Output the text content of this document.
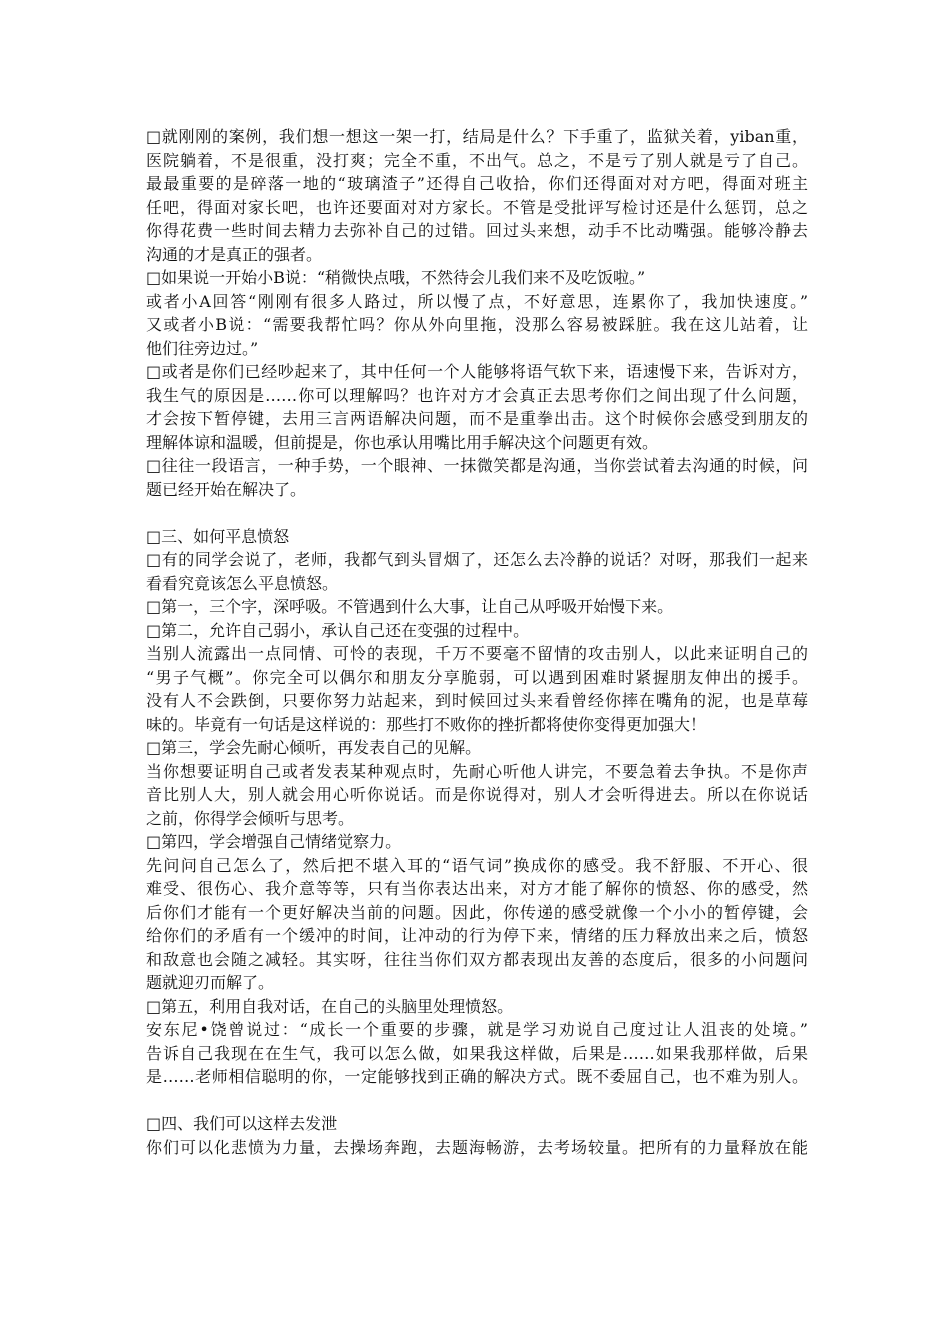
□就刚刚的案例，我们想一想这一架一打，结局是什么？下手重了，监狱关着，yiban重，
医院躺着，不是很重，没打爽；完全不重，不出气。总之，不是亏了别人就是亏了自己。
最最重要的是碎落一地的“玻璃渣子”还得自己收拾，你们还得面对对方吧，得面对班主
任吧，得面对家长吧，也许还要面对对方家长。不管是受批评写检讨还是什么惩罚，总之
你得花费一些时间去精力去弥补自己的过错。回过头来想，动手不比动嘴强。能够冷静去
沟通的才是真正的强者。
□如果说一开始小B说：“稍微快点哦，不然待会儿我们来不及吃饭啦。”
或者小A回答“刚刚有很多人路过，所以慢了点，不好意思，连累你了，我加快速度。”
又或者小B说：“需要我帮忙吗？你从外向里拖，没那么容易被踩脏。我在这儿站着，让
他们往旁边过。”
□或者是你们已经吵起来了，其中任何一个人能够将语气软下来，语速慢下来，告诉对方，
我生气的原因是……你可以理解吗？也许对方才会真正去思考你们之间出现了什么问题，
才会按下暂停键，去用三言两语解决问题，而不是重拳出击。这个时候你会感受到朋友的
理解体谅和温暖，但前提是，你也承认用嘴比用手解决这个问题更有效。
□往往一段语言，一种手势，一个眼神、一抹微笑都是沟通，当你尝试着去沟通的时候，问
题已经开始在解决了。
□三、如何平息愤怒
□有的同学会说了，老师，我都气到头冒烟了，还怎么去冷静的说话？对呀，那我们一起来
看看究竟该怎么平息愤怒。
□第一，三个字，深呼吸。不管遇到什么大事，让自己从呼吸开始慢下来。
□第二，允许自己弱小，承认自己还在变强的过程中。
当别人流露出一点同情、可怜的表现，千万不要毫不留情的攻击别人，以此来证明自己的
“男子气概”。你完全可以偶尔和朋友分享脆弱，可以遇到困难时紧握朋友伸出的援手。
没有人不会跌倒，只要你努力站起来，到时候回过头来看曾经你摔在嘴角的泥，也是草莓
味的。毕竟有一句话是这样说的：那些打不败你的挫折都将使你变得更加强大！
□第三，学会先耐心倾听，再发表自己的见解。
当你想要证明自己或者发表某种观点时，先耐心听他人讲完，不要急着去争执。不是你声
音比别人大，别人就会用心听你说话。而是你说得对，别人才会听得进去。所以在你说话
之前，你得学会倾听与思考。
□第四，学会增强自己情绪觉察力。
先问问自己怎么了，然后把不堪入耳的“语气词”换成你的感受。我不舒服、不开心、很
难受、很伤心、我介意等等，只有当你表达出来，对方才能了解你的愤怒、你的感受，然
后你们才能有一个更好解决当前的问题。因此，你传递的感受就像一个小小的暂停键，会
给你们的矛盾有一个缓冲的时间，让冲动的行为停下来，情绪的压力释放出来之后，愤怒
和敌意也会随之减轻。其实呀，往往当你们双方都表现出友善的态度后，很多的小问题问
题就迎刃而解了。
□第五，利用自我对话，在自己的头脑里处理愤怒。
安东尼•饶曾说过：“成长一个重要的步骤，就是学习劝说自己度过让人沮丧的处境。”
告诉自己我现在在生气，我可以怎么做，如果我这样做，后果是……如果我那样做，后果
是……老师相信聪明的你，一定能够找到正确的解决方式。既不委屈自己，也不难为别人。
□四、我们可以这样去发泄
你们可以化悲愤为力量，去操场奔跑，去题海畅游，去考场较量。把所有的力量释放在能
